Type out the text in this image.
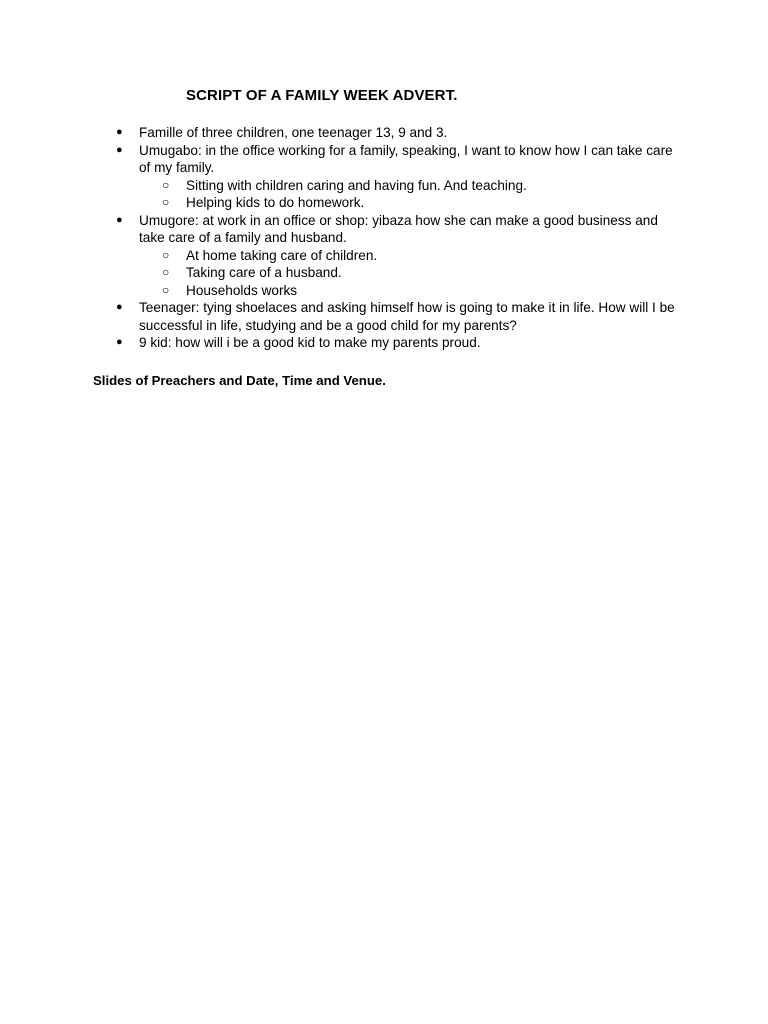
SCRIPT OF A FAMILY WEEK ADVERT.
● Famille of three children, one teenager 13, 9 and 3.
● Umugabo: in the office working for a family, speaking, I want to know how I can take care of my family.
○ Sitting with children caring and having fun. And teaching.
○ Helping kids to do homework.
● Umugore: at work in an office or shop: yibaza how she can make a good business and take care of a family and husband.
○ At home taking care of children.
○ Taking care of a husband.
○ Households works
● Teenager: tying shoelaces and asking himself how is going to make it in life. How will I be successful in life, studying and be a good child for my parents?
● 9 kid: how will i be a good kid to make my parents proud.

Slides of Preachers and Date, Time and Venue.
